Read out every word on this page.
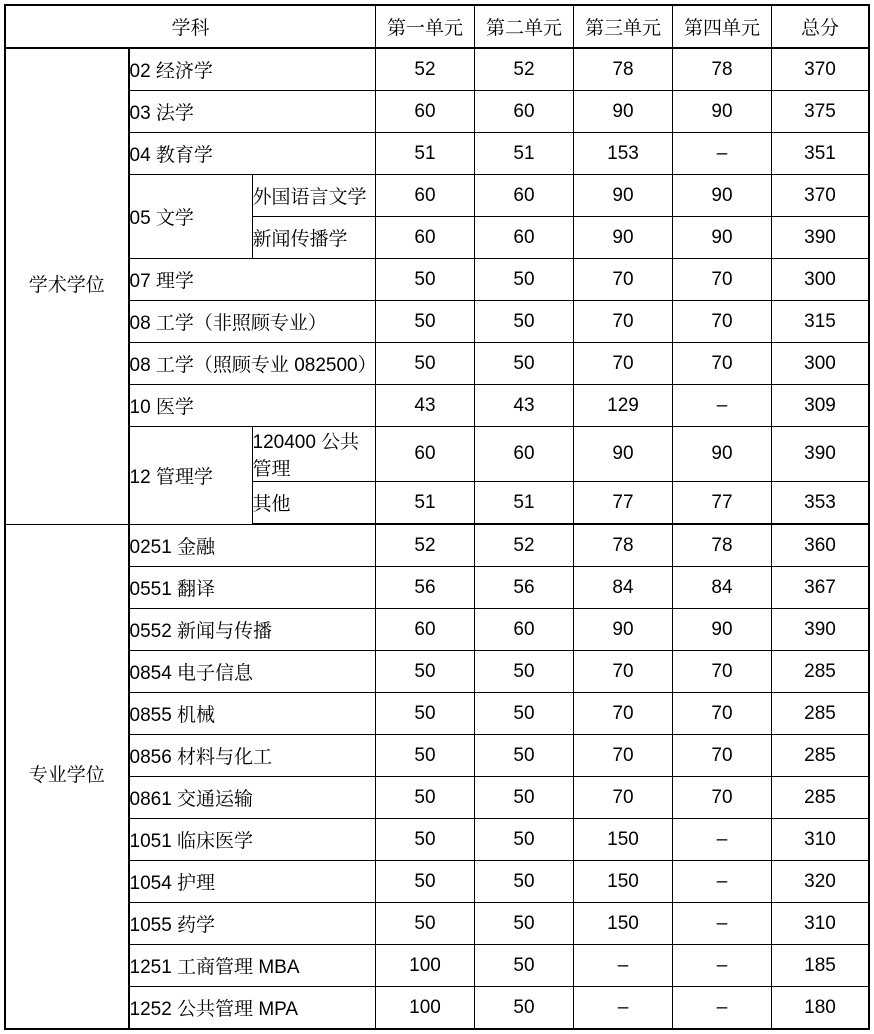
学科			第一单元	第二单元	第三单元	第四单元	总分
学术学位	02 经济学		52	52	78	78	370
	03 法学		60	60	90	90	375
	04 教育学		51	51	153	–	351
	05 文学	外国语言文学	60	60	90	90	370
		新闻传播学	60	60	90	90	390
	07 理学		50	50	70	70	300
	08 工学（非照顾专业）		50	50	70	70	315
	08 工学（照顾专业 082500）		50	50	70	70	300
	10 医学		43	43	129	–	309
	12 管理学	120400 公共管理	60	60	90	90	390
		其他	51	51	77	77	353
专业学位	0251 金融		52	52	78	78	360
	0551 翻译		56	56	84	84	367
	0552 新闻与传播		60	60	90	90	390
	0854 电子信息		50	50	70	70	285
	0855 机械		50	50	70	70	285
	0856 材料与化工		50	50	70	70	285
	0861 交通运输		50	50	70	70	285
	1051 临床医学		50	50	150	–	310
	1054 护理		50	50	150	–	320
	1055 药学		50	50	150	–	310
	1251 工商管理 MBA		100	50	–	–	185
	1252 公共管理 MPA		100	50	–	–	180
